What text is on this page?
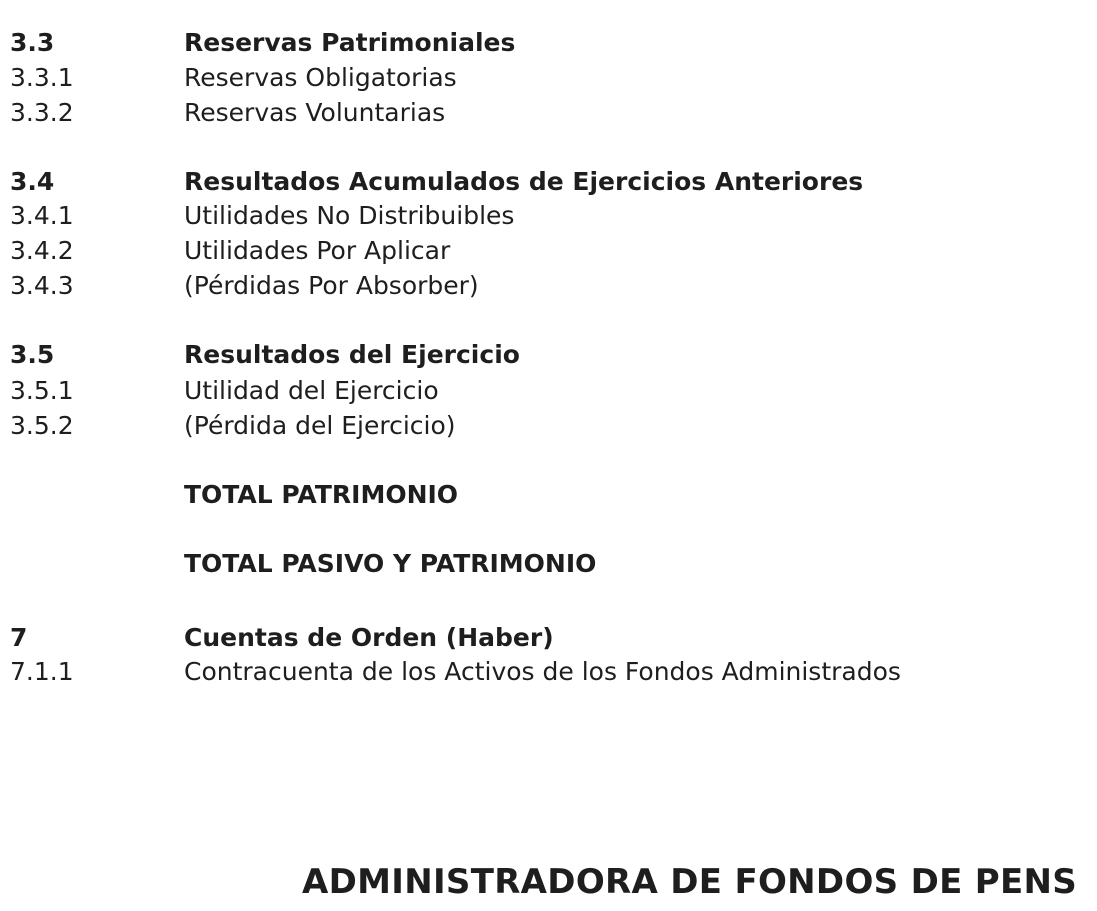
3.3	Reservas Patrimoniales
3.3.1	Reservas Obligatorias
3.3.2	Reservas Voluntarias
3.4	Resultados Acumulados de Ejercicios Anteriores
3.4.1	Utilidades No Distribuibles
3.4.2	Utilidades Por Aplicar
3.4.3	(Pérdidas Por Absorber)
3.5	Resultados del Ejercicio
3.5.1	Utilidad del Ejercicio
3.5.2	(Pérdida del Ejercicio)
TOTAL PATRIMONIO
TOTAL PASIVO Y PATRIMONIO
7	Cuentas de Orden (Haber)
7.1.1	Contracuenta de los Activos de los Fondos Administrados
ADMINISTRADORA DE FONDOS DE PENS
